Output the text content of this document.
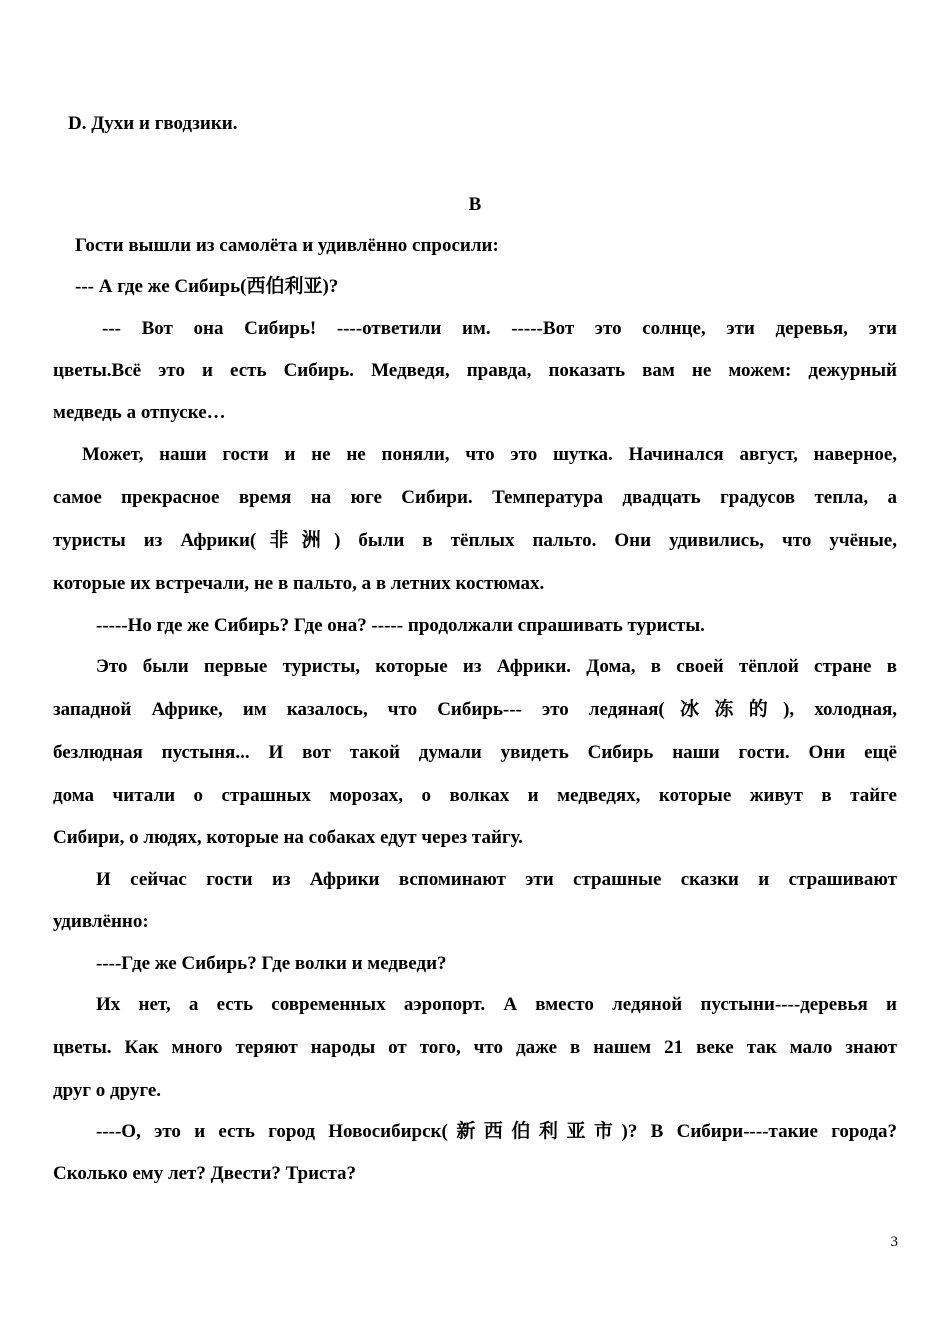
D. Духи и гводзики.

В

Гости вышли из самолёта и удивлённо спросили:

--- А где же Сибирь(西伯利亚)?

--- Вот она Сибирь! ----ответили им. -----Вот это солнце, эти деревья, эти

цветы.Всё это и есть Сибирь. Медведя, правда, показать вам не можем: дежурный

медведь а отпуске…

Может, наши гости и не не поняли, что это шутка. Начинался август, наверное,

самое прекрасное время на юге Сибири. Температура двадцать градусов тепла, а

туристы из Африки(非洲) были в тёплых пальто. Они удивились, что учёные,

которые их встречали, не в пальто, а в летних костюмах.

-----Но где же Сибирь? Где она? ----- продолжали спрашивать туристы.

Это были первые туристы, которые из Африки. Дома, в своей тёплой стране в

западной Африке, им казалось, что Сибирь--- это ледяная(冰冻的), холодная,

безлюдная пустыня... И вот такой думали увидеть Сибирь наши гости. Они ещё

дома читали о страшных морозах, о волках и медведях, которые живут в тайге

Сибири, о людях, которые на собаках едут через тайгу.

И сейчас гости из Африки вспоминают эти страшные сказки и страшивают

удивлённо:

----Где же Сибирь? Где волки и медведи?

Их нет, а есть современных аэропорт. А вместо ледяной пустыни----деревья и

цветы. Как много теряют народы от того, что даже в нашем 21 веке так мало знают

друг о друге.

----О, это и есть город Новосибирск(新西伯利亚市)? В Сибири----такие города?

Сколько ему лет? Двести? Триста?

3
